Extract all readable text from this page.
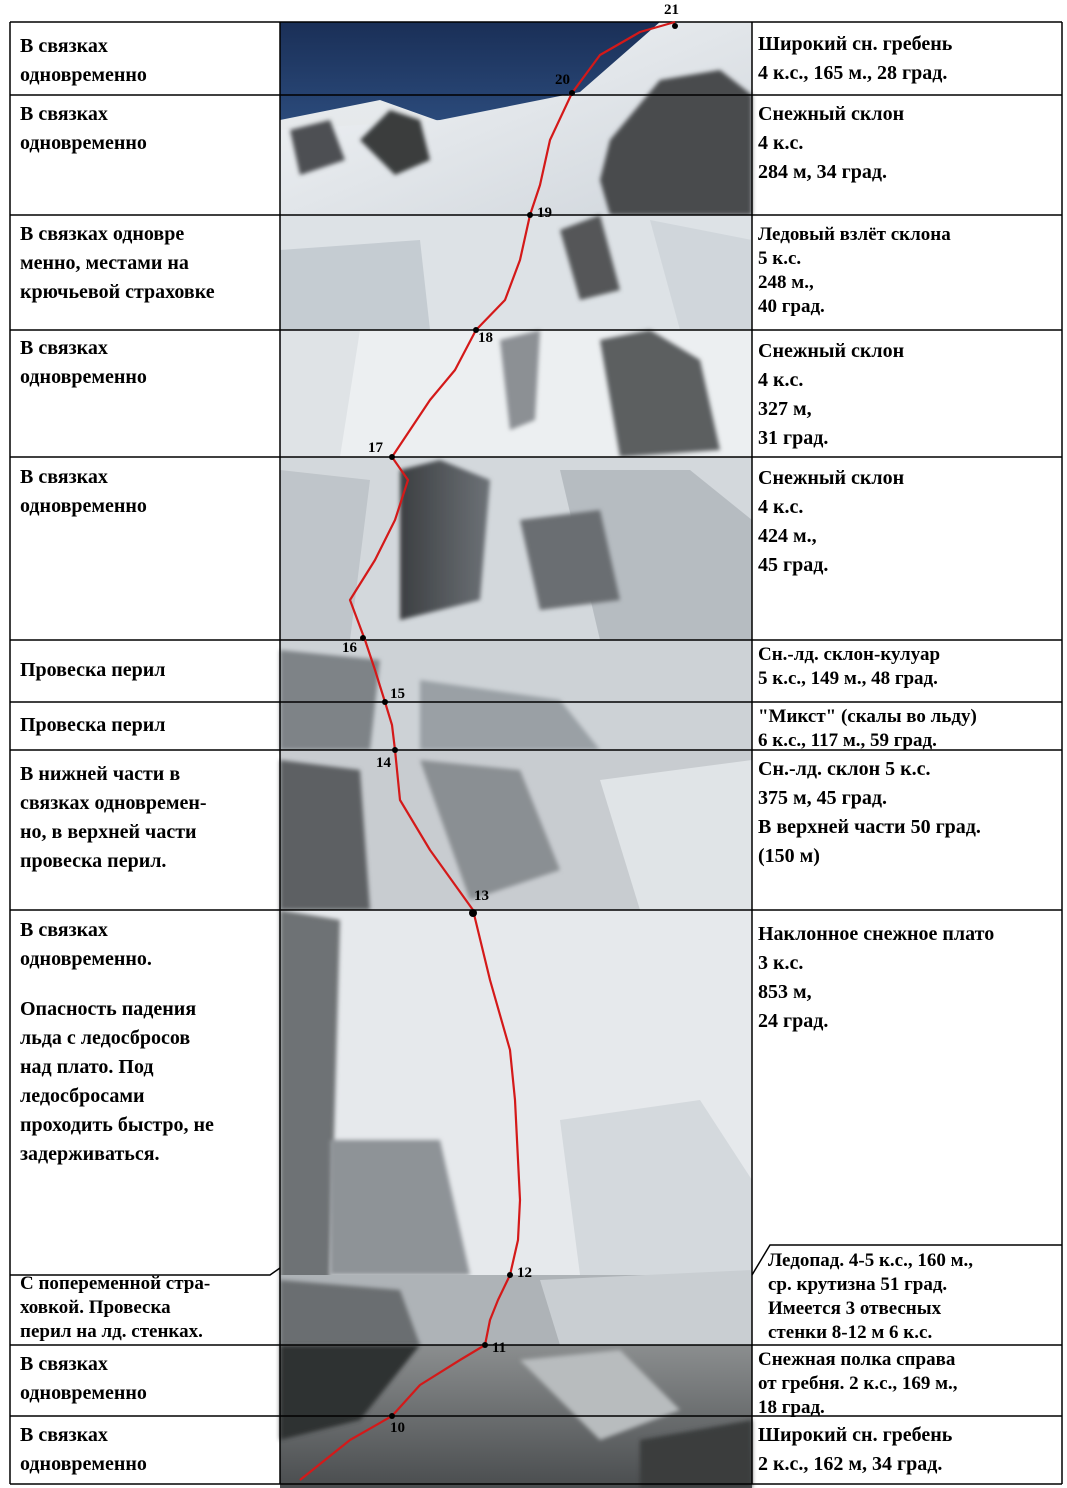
21
20
19
18
17
16
15
14
13
12
11
10
В связках
одновременно
В связках
одновременно
В связках одновре
менно, местами на
крючьевой страховке
В связках
одновременно
В связках
одновременно
Провеска перил
Провеска перил
В нижней части в
связках одновремен-
но, в верхней части
провеска перил.
В связках
одновременно.
Опасность падения
льда с ледосбросов
над плато. Под
ледосбросами
проходить быстро, не
задерживаться.
С попеременной стра-
ховкой. Провеска
перил на лд. стенках.
В связках
одновременно
В связках
одновременно
Широкий сн. гребень
4 к.с., 165 м., 28 град.
Снежный склон
4 к.с.
284 м, 34 град.
Ледовый взлёт склона
5 к.с.
248 м.,
40 град.
Снежный склон
4 к.с.
327 м,
31 град.
Снежный склон
4 к.с.
424 м.,
45 град.
Сн.-лд. склон-кулуар
5 к.с., 149 м., 48 град.
"Микст" (скалы во льду)
6 к.с., 117 м., 59 град.
Сн.-лд. склон 5 к.с.
375 м, 45 град.
В верхней части 50 град.
(150 м)
Наклонное снежное плато
3 к.с.
853 м,
24 град.
Ледопад. 4-5 к.с., 160 м.,
ср. крутизна 51 град.
Имеется 3 отвесных
стенки 8-12 м 6 к.с.
Снежная полка справа
от гребня. 2 к.с., 169 м.,
18 град.
Широкий сн. гребень
2 к.с., 162 м, 34 град.
